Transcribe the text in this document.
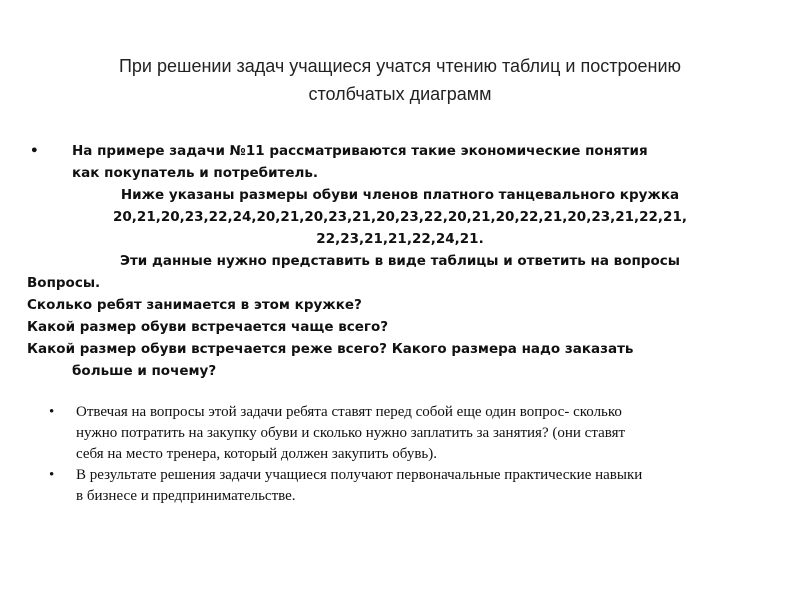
При решении задач учащиеся учатся чтению таблиц и построению
столбчатых диаграмм
• На примере задачи №11 рассматриваются такие экономические понятия
как покупатель и потребитель.
Ниже указаны размеры обуви членов платного танцевального кружка
20,21,20,23,22,24,20,21,20,23,21,20,23,22,20,21,20,22,21,20,23,21,22,21,
22,23,21,21,22,24,21.
Эти данные нужно представить в виде таблицы и ответить на вопросы
Вопросы.
Сколько ребят занимается в этом кружке?
Какой размер обуви встречается чаще всего?
Какой размер обуви встречается реже всего? Какого размера надо заказать
больше и почему?
• Отвечая на вопросы этой задачи ребята ставят перед собой еще один вопрос- сколько
нужно потратить на закупку обуви и сколько нужно заплатить за занятия? (они ставят
себя на место тренера, который должен закупить обувь).
• В результате решения задачи учащиеся получают первоначальные практические навыки
в бизнесе и предпринимательстве.
